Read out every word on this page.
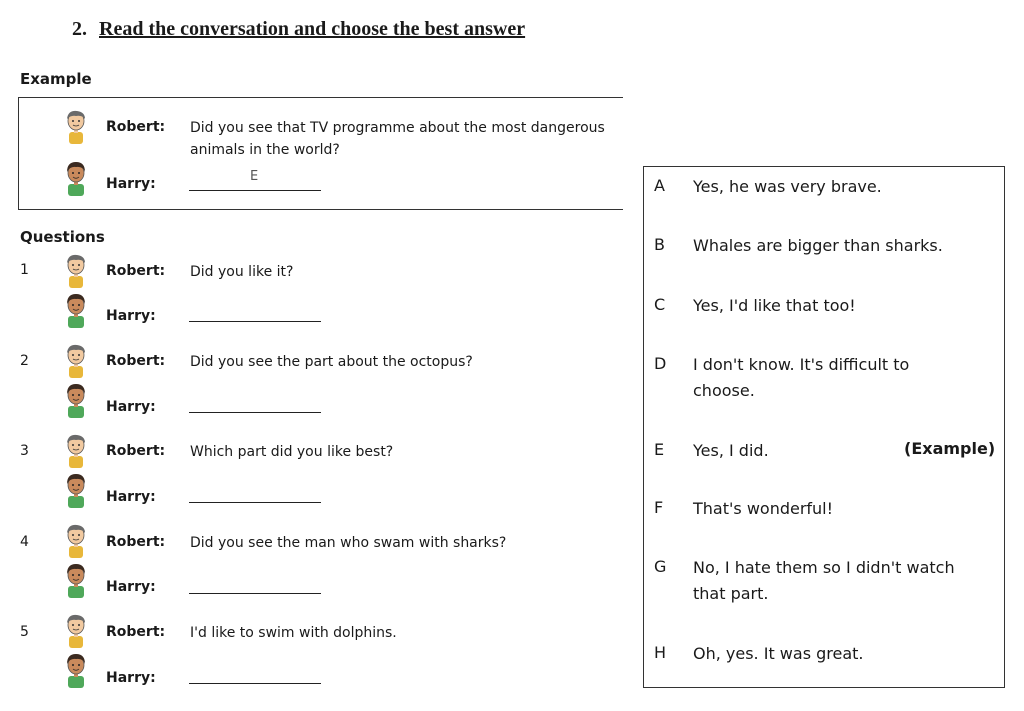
2. Read the conversation and choose the best answer
Example
Robert: Did you see that TV programme about the most dangerous animals in the world?
Harry:	E
Questions
1	Robert: Did you like it?
Harry:
2	Robert: Did you see the part about the octopus?
Harry:
3	Robert: Which part did you like best?
Harry:
4	Robert: Did you see the man who swam with sharks?
Harry:
5	Robert: I'd like to swim with dolphins.
Harry:
A Yes, he was very brave.
B Whales are bigger than sharks.
C Yes, I'd like that too!
D I don't know. It's difficult to choose.
E Yes, I did.	(Example)
F That's wonderful!
G No, I hate them so I didn't watch that part.
H Oh, yes. It was great.
